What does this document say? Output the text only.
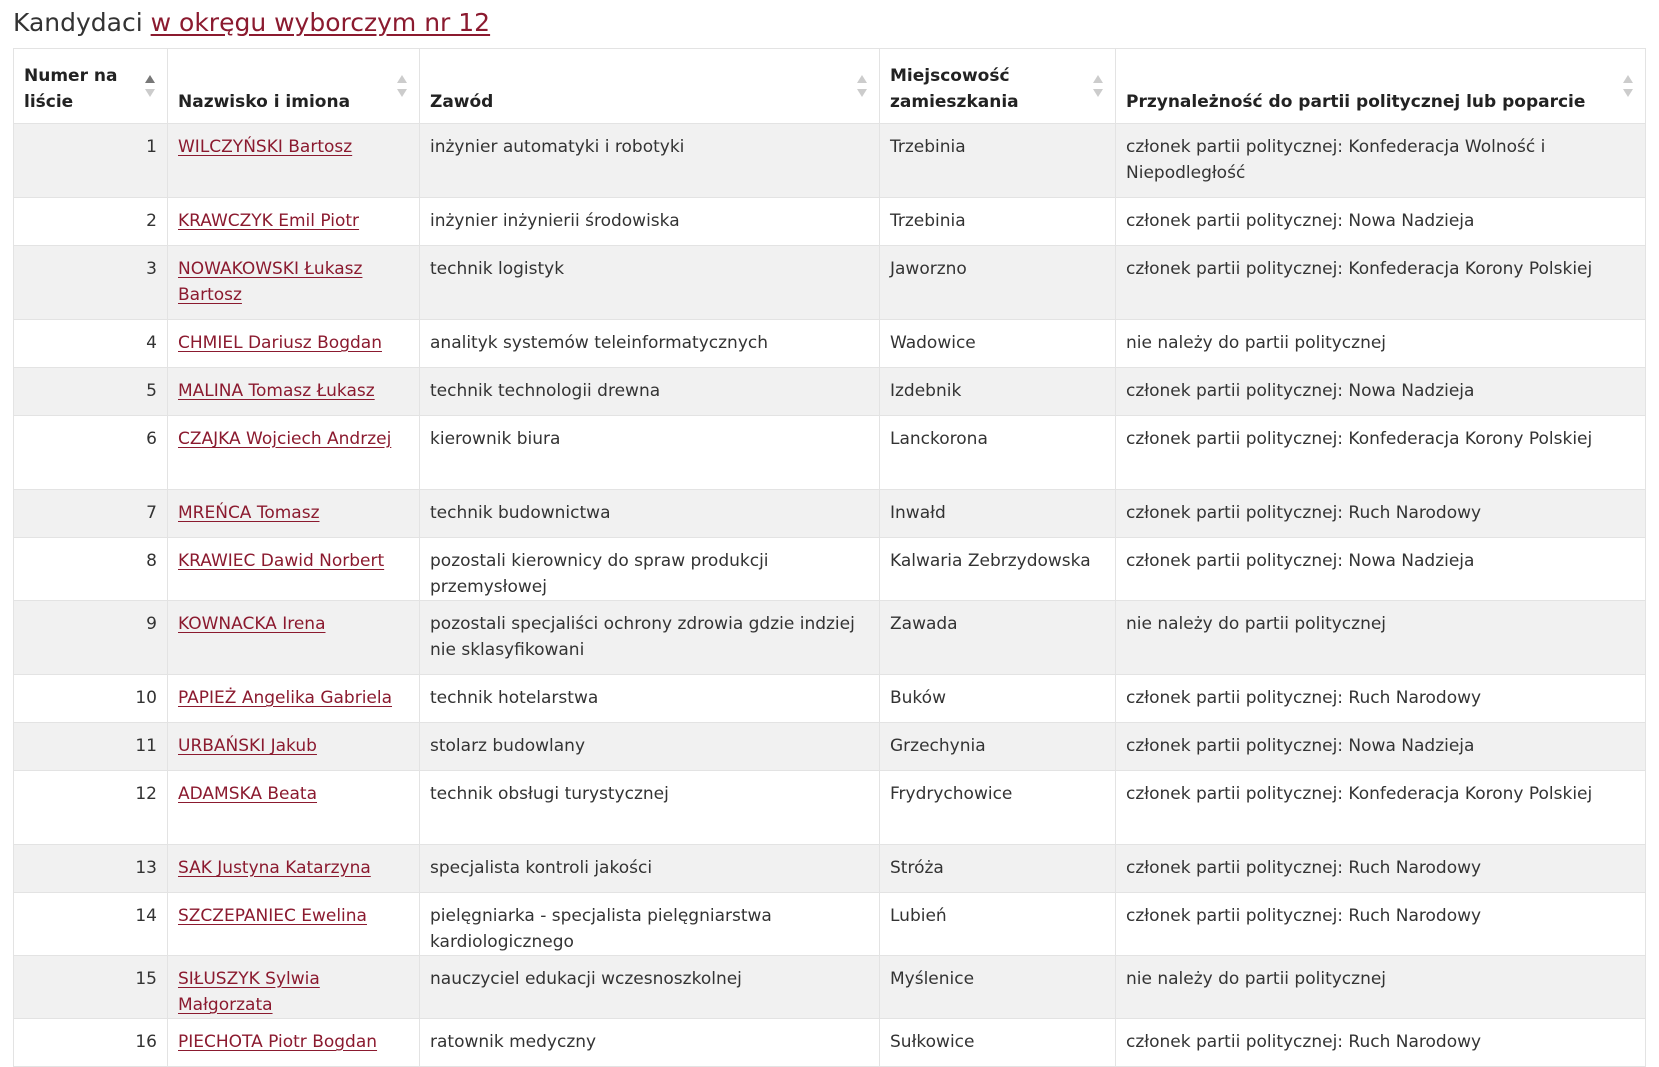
Kandydaci w okręgu wyborczym nr 12
Numer na liście	Nazwisko i imiona	Zawód	Miejscowość zamieszkania	Przynależność do partii politycznej lub poparcie

1	WILCZYŃSKI Bartosz	inżynier automatyki i robotyki	Trzebinia	członek partii politycznej: Konfederacja Wolność i Niepodległość
2	KRAWCZYK Emil Piotr	inżynier inżynierii środowiska	Trzebinia	członek partii politycznej: Nowa Nadzieja
3	NOWAKOWSKI Łukasz Bartosz	technik logistyk	Jaworzno	członek partii politycznej: Konfederacja Korony Polskiej
4	CHMIEL Dariusz Bogdan	analityk systemów teleinformatycznych	Wadowice	nie należy do partii politycznej
5	MALINA Tomasz Łukasz	technik technologii drewna	Izdebnik	członek partii politycznej: Nowa Nadzieja
6	CZAJKA Wojciech Andrzej	kierownik biura	Lanckorona	członek partii politycznej: Konfederacja Korony Polskiej
7	MREŃCA Tomasz	technik budownictwa	Inwałd	członek partii politycznej: Ruch Narodowy
8	KRAWIEC Dawid Norbert	pozostali kierownicy do spraw produkcji przemysłowej	Kalwaria Zebrzydowska	członek partii politycznej: Nowa Nadzieja
9	KOWNACKA Irena	pozostali specjaliści ochrony zdrowia gdzie indziej nie sklasyfikowani	Zawada	nie należy do partii politycznej
10	PAPIEŻ Angelika Gabriela	technik hotelarstwa	Buków	członek partii politycznej: Ruch Narodowy
11	URBAŃSKI Jakub	stolarz budowlany	Grzechynia	członek partii politycznej: Nowa Nadzieja
12	ADAMSKA Beata	technik obsługi turystycznej	Frydrychowice	członek partii politycznej: Konfederacja Korony Polskiej
13	SAK Justyna Katarzyna	specjalista kontroli jakości	Stróża	członek partii politycznej: Ruch Narodowy
14	SZCZEPANIEC Ewelina	pielęgniarka - specjalista pielęgniarstwa kardiologicznego	Lubień	członek partii politycznej: Ruch Narodowy
15	SIŁUSZYK Sylwia Małgorzata	nauczyciel edukacji wczesnoszkolnej	Myślenice	nie należy do partii politycznej
16	PIECHOTA Piotr Bogdan	ratownik medyczny	Sułkowice	członek partii politycznej: Ruch Narodowy
